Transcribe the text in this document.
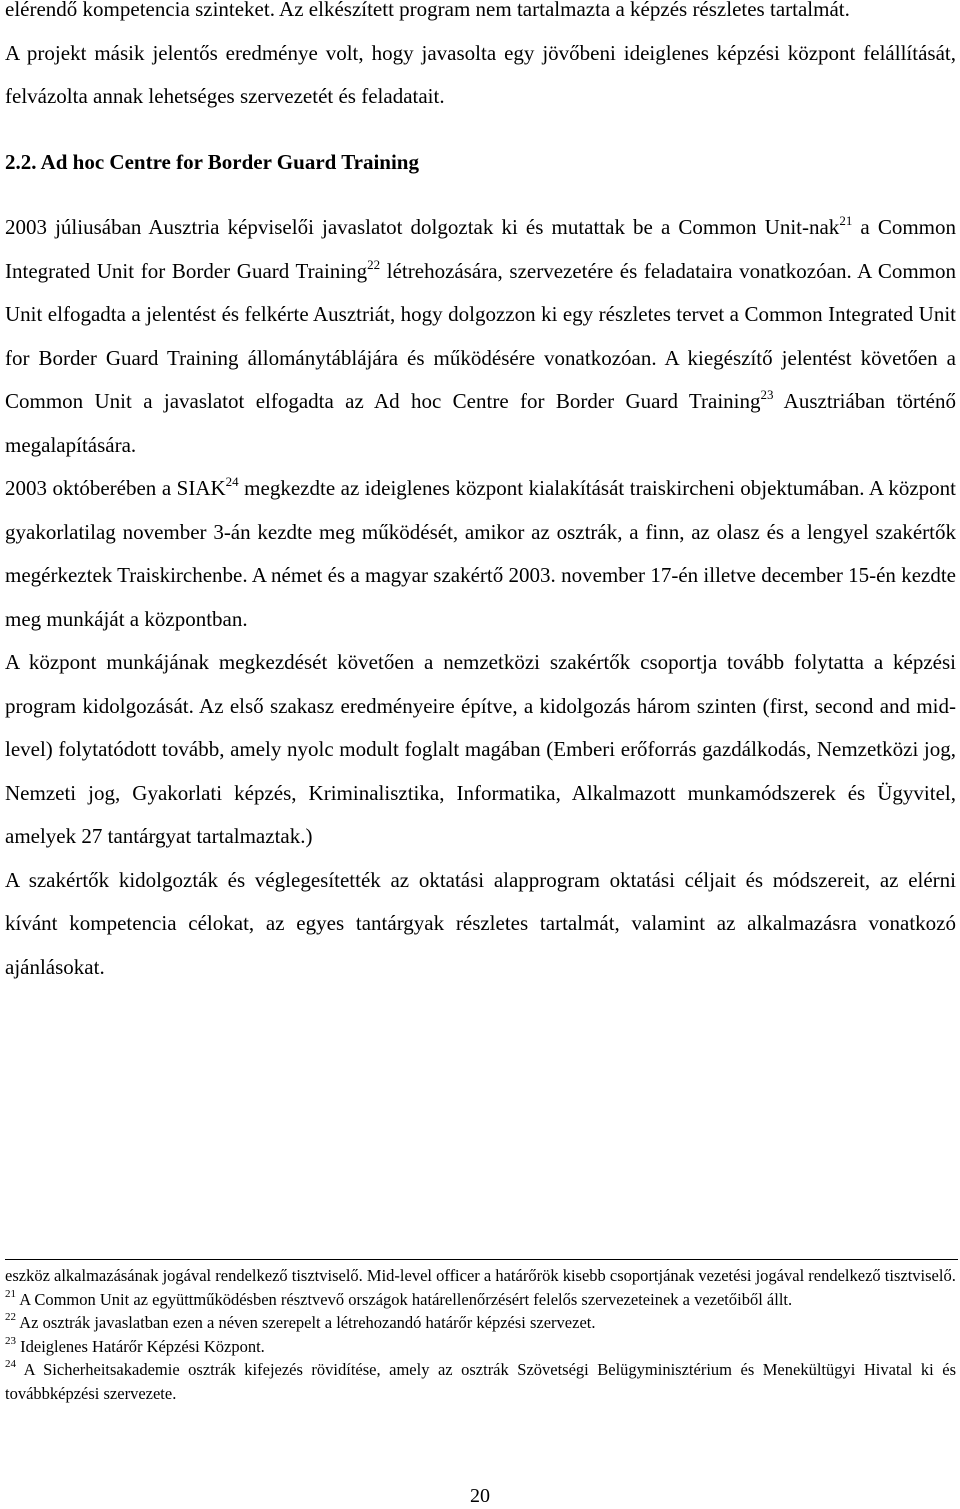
elérendő kompetencia szinteket. Az elkészített program nem tartalmazta a képzés részletes tartalmát.

A projekt másik jelentős eredménye volt, hogy javasolta egy jövőbeni ideiglenes képzési központ felállítását, felvázolta annak lehetséges szervezetét és feladatait.

2.2. Ad hoc Centre for Border Guard Training

2003 júliusában Ausztria képviselői javaslatot dolgoztak ki és mutattak be a Common Unit-nak$^{21}$ a Common Integrated Unit for Border Guard Training$^{22}$ létrehozására, szervezetére és feladataira vonatkozóan. A Common Unit elfogadta a jelentést és felkérte Ausztriát, hogy dolgozzon ki egy részletes tervet a Common Integrated Unit for Border Guard Training állománytáblájára és működésére vonatkozóan. A kiegészítő jelentést követően a Common Unit a javaslatot elfogadta az Ad hoc Centre for Border Guard Training$^{23}$ Ausztriában történő megalapítására.

2003 októberében a SIAK$^{24}$ megkezdte az ideiglenes központ kialakítását traiskircheni objektumában. A központ gyakorlatilag november 3-án kezdte meg működését, amikor az osztrák, a finn, az olasz és a lengyel szakértők megérkeztek Traiskirchenbe. A német és a magyar szakértő 2003. november 17-én illetve december 15-én kezdte meg munkáját a központban.

A központ munkájának megkezdését követően a nemzetközi szakértők csoportja tovább folytatta a képzési program kidolgozását. Az első szakasz eredményeire építve, a kidolgozás három szinten (first, second and mid-level) folytatódott tovább, amely nyolc modult foglalt magában (Emberi erőforrás gazdálkodás, Nemzetközi jog, Nemzeti jog, Gyakorlati képzés, Kriminalisztika, Informatika, Alkalmazott munkamódszerek és Ügyvitel, amelyek 27 tantárgyat tartalmaztak.)

A szakértők kidolgozták és véglegesítették az oktatási alapprogram oktatási céljait és módszereit, az elérni kívánt kompetencia célokat, az egyes tantárgyak részletes tartalmát, valamint az alkalmazásra vonatkozó ajánlásokat.

eszköz alkalmazásának jogával rendelkező tisztviselő. Mid-level officer a határőrök kisebb csoportjának vezetési jogával rendelkező tisztviselő.

$^{21}$ A Common Unit az együttműködésben résztvevő országok határellenőrzésért felelős szervezeteinek a vezetőiből állt.

$^{22}$ Az osztrák javaslatban ezen a néven szerepelt a létrehozandó határőr képzési szervezet.

$^{23}$ Ideiglenes Határőr Képzési Központ.

$^{24}$ A Sicherheitsakademie osztrák kifejezés rövidítése, amely az osztrák Szövetségi Belügyminisztérium és Menekültügyi Hivatal ki és továbbképzési szervezete.

20
